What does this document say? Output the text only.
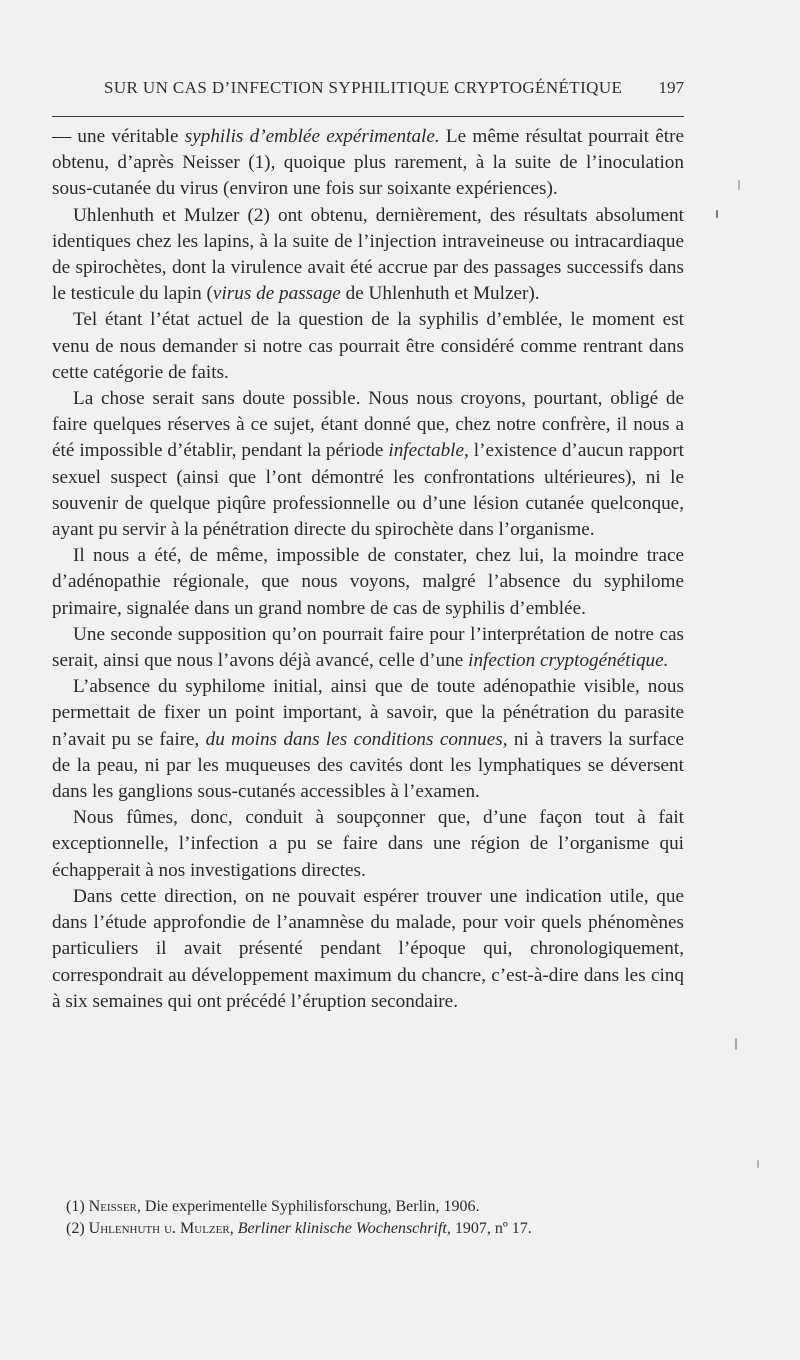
SUR UN CAS D’INFECTION SYPHILITIQUE CRYPTOGÉNÉTIQUE 197

— une véritable syphilis d’emblée expérimentale. Le même résultat pourrait être obtenu, d’après Neisser (1), quoique plus rarement, à la suite de l’inoculation sous-cutanée du virus (environ une fois sur soixante expériences).

Uhlenhuth et Mulzer (2) ont obtenu, dernièrement, des résultats absolument identiques chez les lapins, à la suite de l’injection intraveineuse ou intracardiaque de spirochètes, dont la virulence avait été accrue par des passages successifs dans le testicule du lapin (virus de passage de Uhlenhuth et Mulzer).

Tel étant l’état actuel de la question de la syphilis d’emblée, le moment est venu de nous demander si notre cas pourrait être considéré comme rentrant dans cette catégorie de faits.

La chose serait sans doute possible. Nous nous croyons, pourtant, obligé de faire quelques réserves à ce sujet, étant donné que, chez notre confrère, il nous a été impossible d’établir, pendant la période infectable, l’existence d’aucun rapport sexuel suspect (ainsi que l’ont démontré les confrontations ultérieures), ni le souvenir de quelque piqûre professionnelle ou d’une lésion cutanée quelconque, ayant pu servir à la pénétration directe du spirochète dans l’organisme.

Il nous a été, de même, impossible de constater, chez lui, la moindre trace d’adénopathie régionale, que nous voyons, malgré l’absence du syphilome primaire, signalée dans un grand nombre de cas de syphilis d’emblée.

Une seconde supposition qu’on pourrait faire pour l’interprétation de notre cas serait, ainsi que nous l’avons déjà avancé, celle d’une infection cryptogénétique.

L’absence du syphilome initial, ainsi que de toute adénopathie visible, nous permettait de fixer un point important, à savoir, que la pénétration du parasite n’avait pu se faire, du moins dans les conditions connues, ni à travers la surface de la peau, ni par les muqueuses des cavités dont les lymphatiques se déversent dans les ganglions sous-cutanés accessibles à l’examen.

Nous fûmes, donc, conduit à soupçonner que, d’une façon tout à fait exceptionnelle, l’infection a pu se faire dans une région de l’organisme qui échapperait à nos investigations directes.

Dans cette direction, on ne pouvait espérer trouver une indication utile, que dans l’étude approfondie de l’anamnèse du malade, pour voir quels phénomènes particuliers il avait présenté pendant l’époque qui, chronologiquement, correspondrait au développement maximum du chancre, c’est-à-dire dans les cinq à six semaines qui ont précédé l’éruption secondaire.

(1) Neisser, Die experimentelle Syphilisforschung, Berlin, 1906.
(2) Uhlenhuth u. Mulzer, Berliner klinische Wochenschrift, 1907, nº 17.
